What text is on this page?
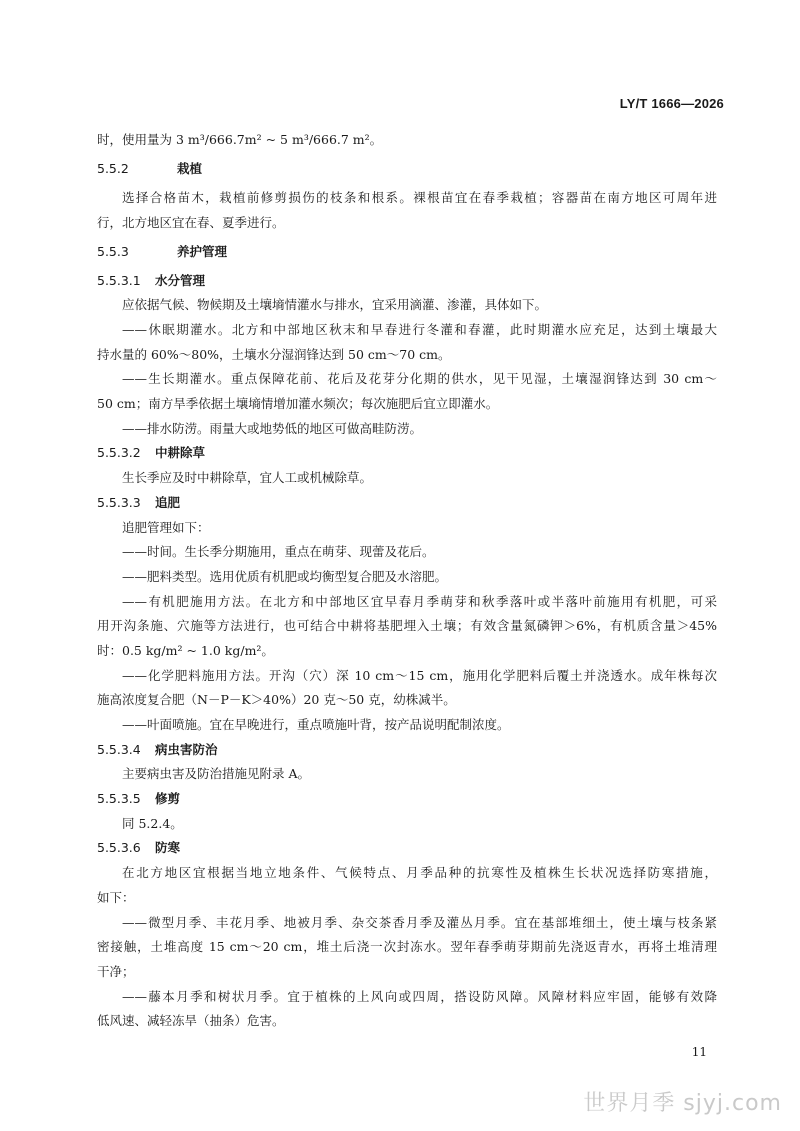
LY/T 1666—2026
时，使用量为 3 m³/666.7m² ~ 5 m³/666.7 m²。
5.5.2	栽植
选择合格苗木，栽植前修剪损伤的枝条和根系。裸根苗宜在春季栽植；容器苗在南方地区可周年进
行，北方地区宜在春、夏季进行。
5.5.3	养护管理
5.5.3.1 水分管理
应依据气候、物候期及土壤墒情灌水与排水，宜采用滴灌、渗灌，具体如下。
——休眠期灌水。北方和中部地区秋末和早春进行冬灌和春灌，此时期灌水应充足，达到土壤最大
持水量的 60%～80%，土壤水分湿润锋达到 50 cm～70 cm。
——生长期灌水。重点保障花前、花后及花芽分化期的供水，见干见湿，土壤湿润锋达到 30 cm～
50 cm；南方旱季依据土壤墒情增加灌水频次；每次施肥后宜立即灌水。
——排水防涝。雨量大或地势低的地区可做高畦防涝。
5.5.3.2 中耕除草
生长季应及时中耕除草，宜人工或机械除草。
5.5.3.3 追肥
追肥管理如下：
——时间。生长季分期施用，重点在萌芽、现蕾及花后。
——肥料类型。选用优质有机肥或均衡型复合肥及水溶肥。
——有机肥施用方法。在北方和中部地区宜早春月季萌芽和秋季落叶或半落叶前施用有机肥，可采
用开沟条施、穴施等方法进行，也可结合中耕将基肥埋入土壤；有效含量氮磷钾＞6%，有机质含量＞45%
时：0.5 kg/m² ~ 1.0 kg/m²。
——化学肥料施用方法。开沟（穴）深 10 cm～15 cm，施用化学肥料后覆土并浇透水。成年株每次
施高浓度复合肥（N－P－K＞40%）20 克～50 克，幼株减半。
——叶面喷施。宜在早晚进行，重点喷施叶背，按产品说明配制浓度。
5.5.3.4 病虫害防治
主要病虫害及防治措施见附录 A。
5.5.3.5 修剪
同 5.2.4。
5.5.3.6 防寒
在北方地区宜根据当地立地条件、气候特点、月季品种的抗寒性及植株生长状况选择防寒措施，
如下：
——微型月季、丰花月季、地被月季、杂交茶香月季及灌丛月季。宜在基部堆细土，使土壤与枝条紧
密接触，土堆高度 15 cm～20 cm，堆土后浇一次封冻水。翌年春季萌芽期前先浇返青水，再将土堆清理
干净；
——藤本月季和树状月季。宜于植株的上风向或四周，搭设防风障。风障材料应牢固，能够有效降
低风速、减轻冻旱（抽条）危害。
11
世界月季 sjyj.com
